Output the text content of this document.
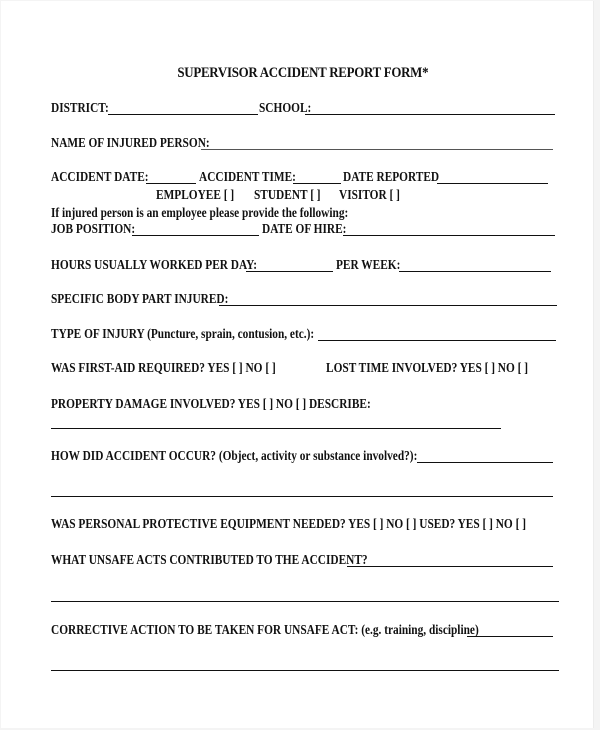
SUPERVISOR ACCIDENT REPORT FORM*
DISTRICT:	SCHOOL:
NAME OF INJURED PERSON:
ACCIDENT DATE:	ACCIDENT TIME:	DATE REPORTED
EMPLOYEE [ ] STUDENT [ ] VISITOR [ ]
If injured person is an employee please provide the following:
JOB POSITION:	DATE OF HIRE:
HOURS USUALLY WORKED PER DAY:	PER WEEK:
SPECIFIC BODY PART INJURED:
TYPE OF INJURY (Puncture, sprain, contusion, etc.):
WAS FIRST-AID REQUIRED? YES [ ] NO [ ]	LOST TIME INVOLVED? YES [ ] NO [ ]
PROPERTY DAMAGE INVOLVED? YES [ ] NO [ ] DESCRIBE:
HOW DID ACCIDENT OCCUR? (Object, activity or substance involved?):
WAS PERSONAL PROTECTIVE EQUIPMENT NEEDED? YES [ ] NO [ ] USED? YES [ ] NO [ ]
WHAT UNSAFE ACTS CONTRIBUTED TO THE ACCIDENT?
CORRECTIVE ACTION TO BE TAKEN FOR UNSAFE ACT: (e.g. training, discipline)
